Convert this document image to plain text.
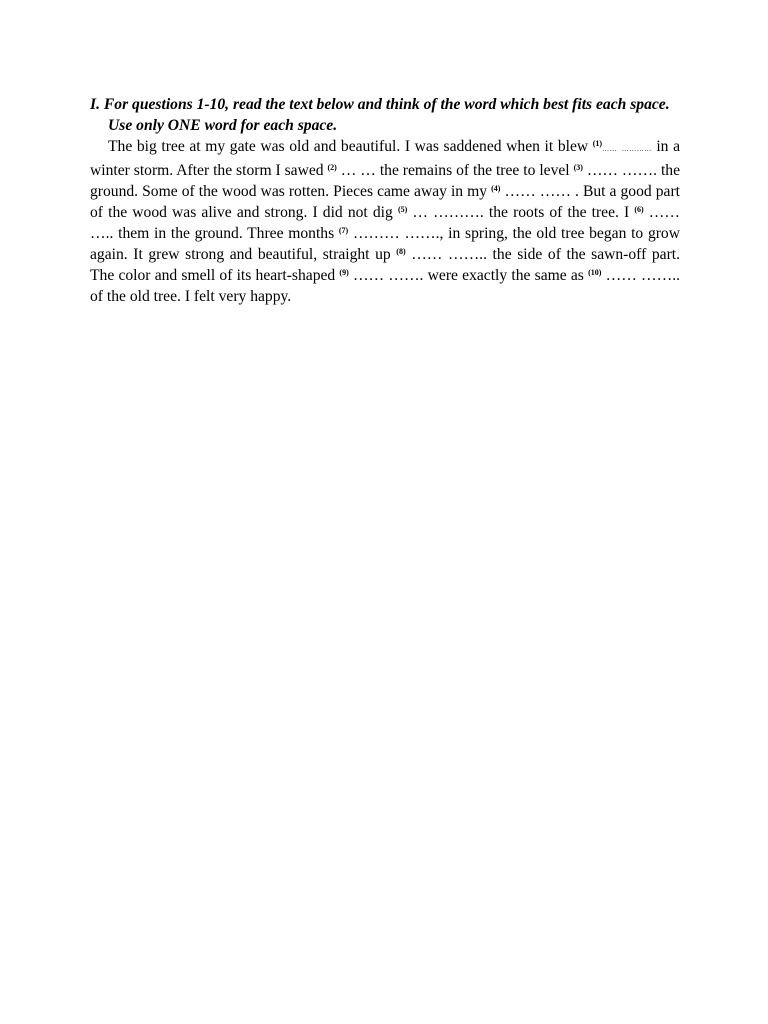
I. For questions 1-10, read the text below and think of the word which best fits each space.

Use only ONE word for each space.

The big tree at my gate was old and beautiful. I was saddened when it blew $^{(1)}$…… ………… in a winter storm. After the storm I sawed $^{(2)}$ … … the remains of the tree to level $^{(3)}$ …… ……. the ground. Some of the wood was rotten. Pieces came away in my $^{(4)}$ …… …… . But a good part of the wood was alive and strong. I did not dig $^{(5)}$ … ………. the roots of the tree. I $^{(6)}$ …… ….. them in the ground. Three months $^{(7)}$ ……… ……., in spring, the old tree began to grow again. It grew strong and beautiful, straight up $^{(8)}$ …… …….. the side of the sawn-off part. The color and smell of its heart-shaped $^{(9)}$ …… ……. were exactly the same as $^{(10)}$ …… …….. of the old tree. I felt very happy.
